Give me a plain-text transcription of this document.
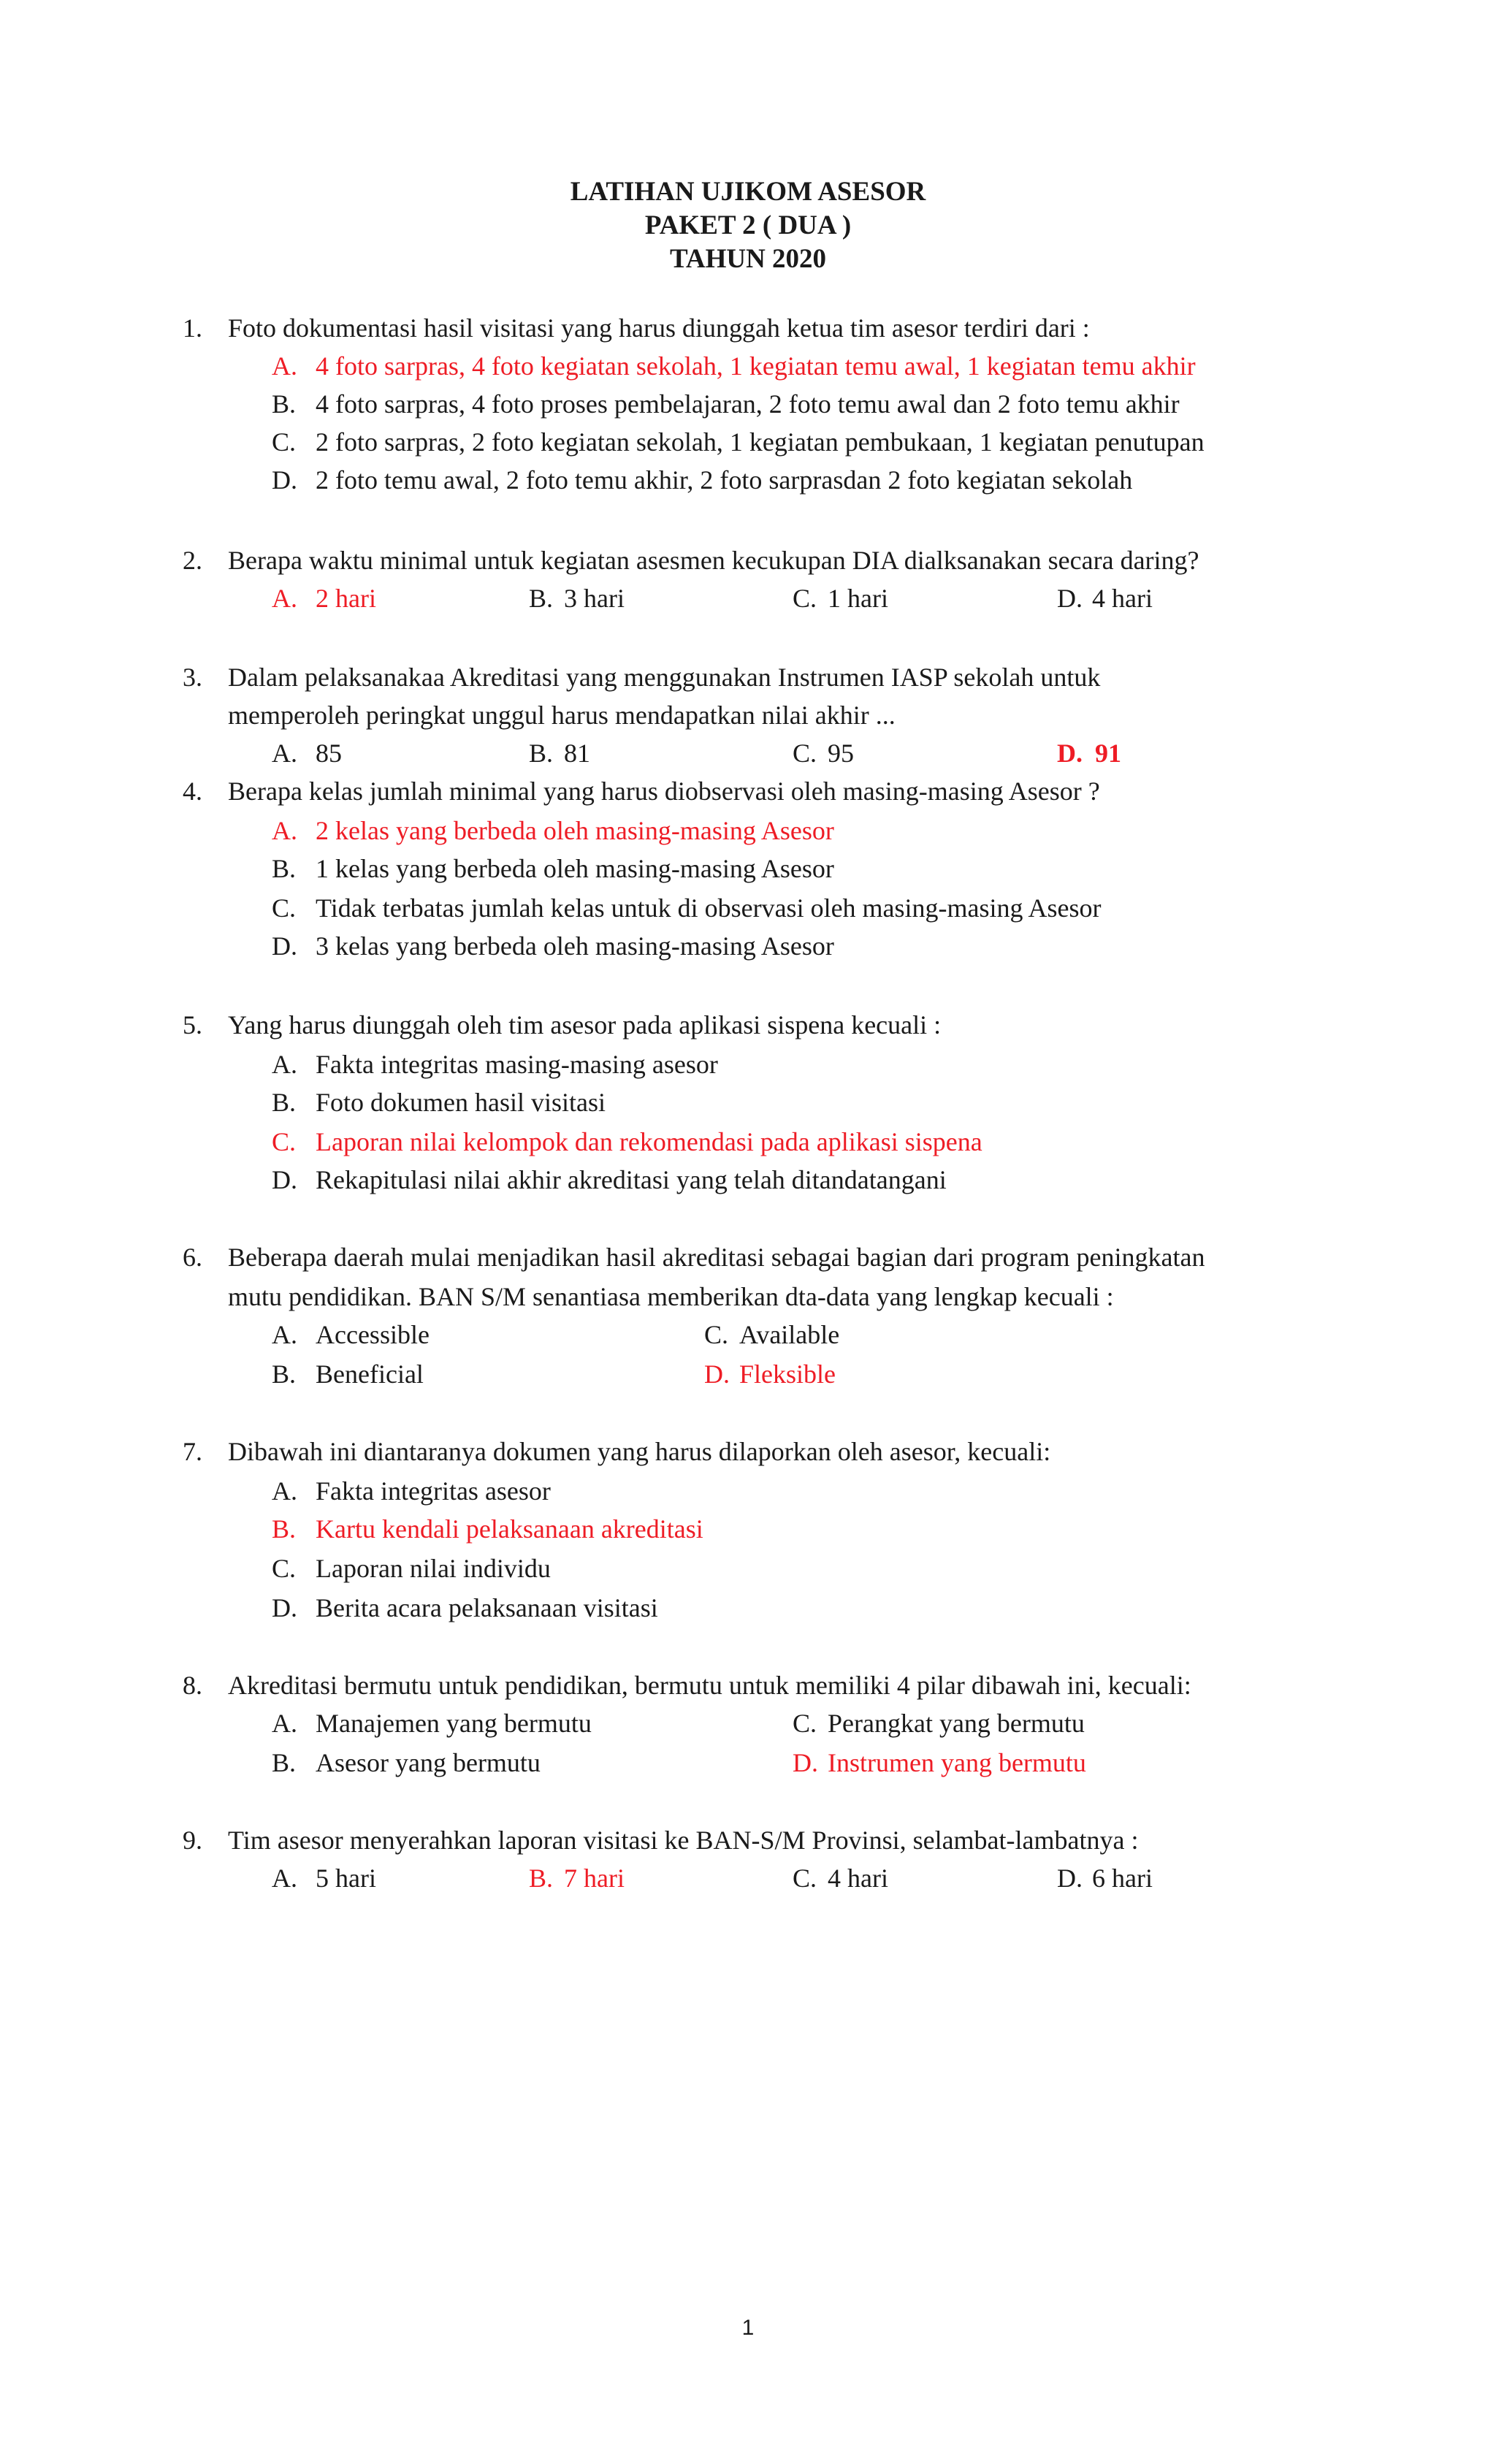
LATIHAN UJIKOM ASESOR
PAKET 2 ( DUA )
TAHUN 2020
1. Foto dokumentasi hasil visitasi yang harus diunggah ketua tim asesor terdiri dari :
A. 4 foto sarpras, 4 foto kegiatan sekolah, 1 kegiatan temu awal, 1 kegiatan temu akhir
B. 4 foto sarpras, 4 foto proses pembelajaran, 2 foto temu awal dan 2 foto temu akhir
C. 2 foto sarpras, 2 foto kegiatan sekolah, 1 kegiatan pembukaan, 1 kegiatan penutupan
D. 2 foto temu awal, 2 foto temu akhir, 2 foto sarprasdan 2 foto kegiatan sekolah
2. Berapa waktu minimal untuk kegiatan asesmen kecukupan DIA dialksanakan secara daring?
A. 2 hari	B. 3 hari	C. 1 hari	D. 4 hari
3. Dalam pelaksanakaa Akreditasi yang menggunakan Instrumen IASP sekolah untuk
memperoleh peringkat unggul harus mendapatkan nilai akhir ...
A. 85	B. 81	C. 95	D. 91
4. Berapa kelas jumlah minimal yang harus diobservasi oleh masing-masing Asesor ?
A. 2 kelas yang berbeda oleh masing-masing Asesor
B. 1 kelas yang berbeda oleh masing-masing Asesor
C. Tidak terbatas jumlah kelas untuk di observasi oleh masing-masing Asesor
D. 3 kelas yang berbeda oleh masing-masing Asesor
5. Yang harus diunggah oleh tim asesor pada aplikasi sispena kecuali :
A. Fakta integritas masing-masing asesor
B. Foto dokumen hasil visitasi
C. Laporan nilai kelompok dan rekomendasi pada aplikasi sispena
D. Rekapitulasi nilai akhir akreditasi yang telah ditandatangani
6. Beberapa daerah mulai menjadikan hasil akreditasi sebagai bagian dari program peningkatan
mutu pendidikan. BAN S/M senantiasa memberikan dta-data yang lengkap kecuali :
A. Accessible	C. Available
B. Beneficial	D. Fleksible
7. Dibawah ini diantaranya dokumen yang harus dilaporkan oleh asesor, kecuali:
A. Fakta integritas asesor
B. Kartu kendali pelaksanaan akreditasi
C. Laporan nilai individu
D. Berita acara pelaksanaan visitasi
8. Akreditasi bermutu untuk pendidikan, bermutu untuk memiliki 4 pilar dibawah ini, kecuali:
A. Manajemen yang bermutu	C. Perangkat yang bermutu
B. Asesor yang bermutu	D. Instrumen yang bermutu
9. Tim asesor menyerahkan laporan visitasi ke BAN-S/M Provinsi, selambat-lambatnya :
A. 5 hari	B. 7 hari	C. 4 hari	D. 6 hari
1
